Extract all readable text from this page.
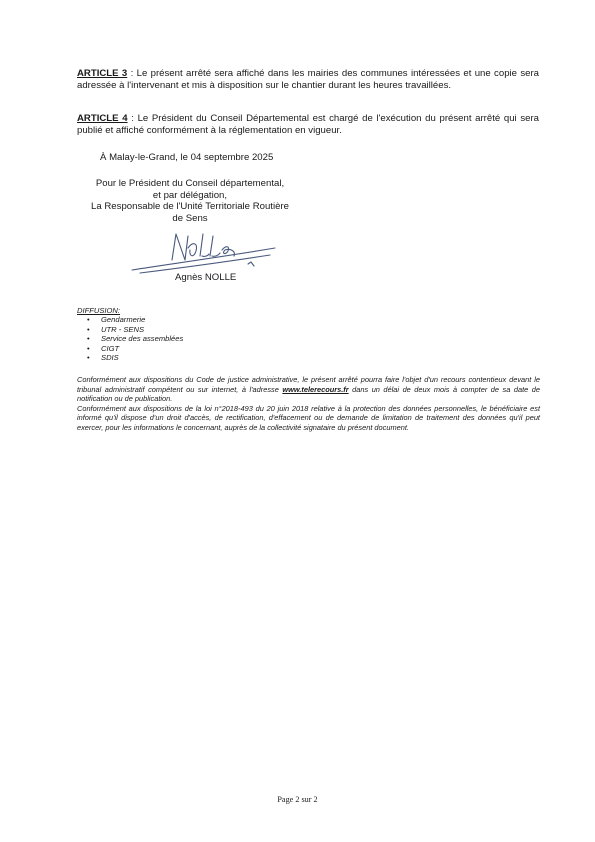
ARTICLE 3 : Le présent arrêté sera affiché dans les mairies des communes intéressées et une copie sera adressée à l'intervenant et mis à disposition sur le chantier durant les heures travaillées.
ARTICLE 4 : Le Président du Conseil Départemental est chargé de l'exécution du présent arrêté qui sera publié et affiché conformément à la réglementation en vigueur.
À Malay-le-Grand, le 04 septembre 2025
Pour le Président du Conseil départemental,
et par délégation,
La Responsable de l'Unité Territoriale Routière
de Sens
Agnès NOLLE
DIFFUSION:
• Gendarmerie
• UTR - SENS
• Service des assemblées
• CIGT
• SDIS

Conformément aux dispositions du Code de justice administrative, le présent arrêté pourra faire l'objet d'un recours contentieux devant le tribunal administratif compétent ou sur internet, à l'adresse www.telerecours.fr dans un délai de deux mois à compter de sa date de notification ou de publication.

Conformément aux dispositions de la loi n°2018-493 du 20 juin 2018 relative à la protection des données personnelles, le bénéficiaire est informé qu'il dispose d'un droit d'accès, de rectification, d'effacement ou de demande de limitation de traitement des données qu'il peut exercer, pour les informations le concernant, auprès de la collectivité signataire du présent document.

Page 2 sur 2
